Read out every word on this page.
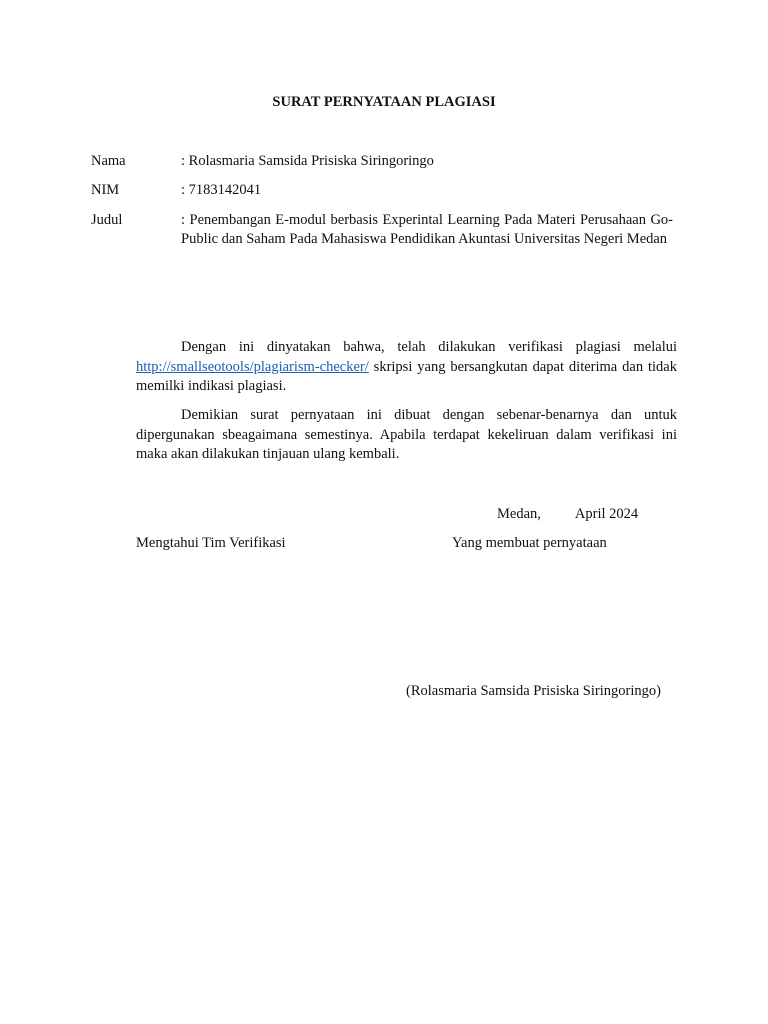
SURAT PERNYATAAN PLAGIASI
Nama	: Rolasmaria Samsida Prisiska Siringoringo
NIM	: 7183142041
Judul	: Penembangan E-modul berbasis Experintal Learning Pada Materi Perusahaan Go-Public dan Saham Pada Mahasiswa Pendidikan Akuntasi Universitas Negeri Medan

Dengan ini dinyatakan bahwa, telah dilakukan verifikasi plagiasi melalui http://smallseotools/plagiarism-checker/ skripsi yang bersangkutan dapat diterima dan tidak memilki indikasi plagiasi.

Demikian surat pernyataan ini dibuat dengan sebenar-benarnya dan untuk dipergunakan sbeagaimana semestinya. Apabila terdapat kekeliruan dalam verifikasi ini maka akan dilakukan tinjauan ulang kembali.

Medan, April 2024
Mengtahui Tim Verifikasi	Yang membuat pernyataan
(Rolasmaria Samsida Prisiska Siringoringo)
